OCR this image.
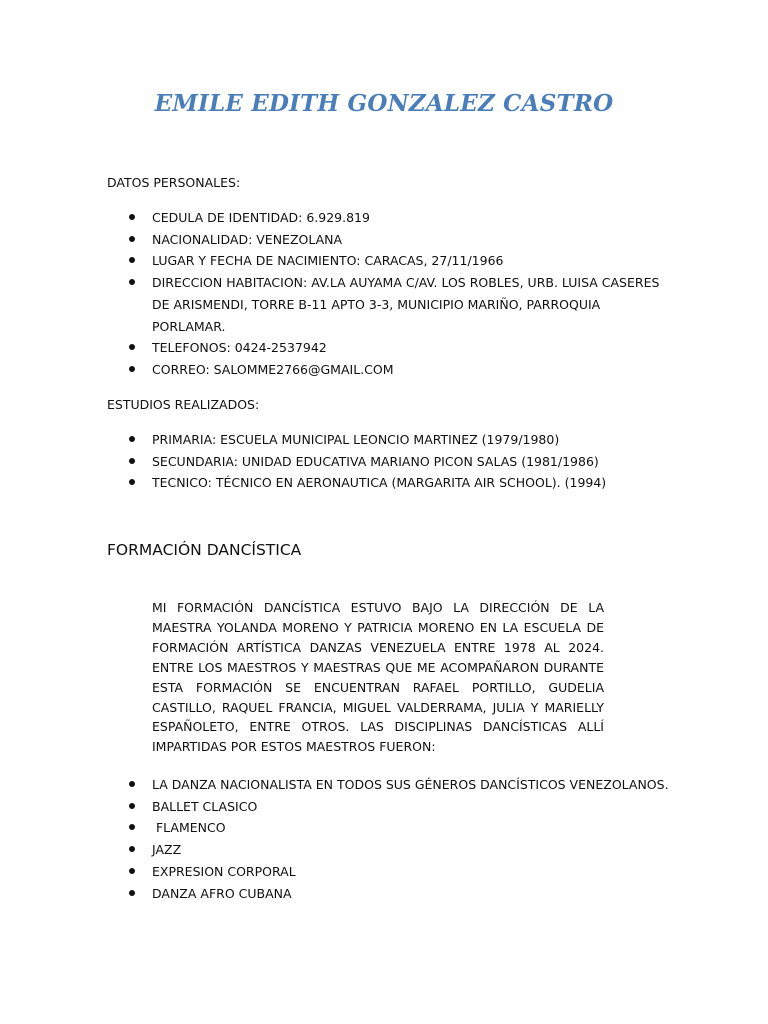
EMILE EDITH GONZALEZ CASTRO

DATOS PERSONALES:

CEDULA DE IDENTIDAD: 6.929.819
NACIONALIDAD: VENEZOLANA
LUGAR Y FECHA DE NACIMIENTO: CARACAS, 27/11/1966
DIRECCION HABITACION: AV.LA AUYAMA C/AV. LOS ROBLES, URB. LUISA CASERES DE ARISMENDI, TORRE B-11 APTO 3-3, MUNICIPIO MARIÑO, PARROQUIA PORLAMAR.
TELEFONOS: 0424-2537942
CORREO: SALOMME2766@GMAIL.COM

ESTUDIOS REALIZADOS:

PRIMARIA: ESCUELA MUNICIPAL LEONCIO MARTINEZ (1979/1980)
SECUNDARIA: UNIDAD EDUCATIVA MARIANO PICON SALAS (1981/1986)
TECNICO: TÉCNICO EN AERONAUTICA (MARGARITA AIR SCHOOL). (1994)
FORMACIÓN DANCÍSTICA

MI FORMACIÓN DANCÍSTICA ESTUVO BAJO LA DIRECCIÓN DE LA MAESTRA YOLANDA MORENO Y PATRICIA MORENO EN LA ESCUELA DE FORMACIÓN ARTÍSTICA DANZAS VENEZUELA ENTRE 1978 AL 2024. ENTRE LOS MAESTROS Y MAESTRAS QUE ME ACOMPAÑARON DURANTE ESTA FORMACIÓN SE ENCUENTRAN RAFAEL PORTILLO, GUDELIA CASTILLO, RAQUEL FRANCIA, MIGUEL VALDERRAMA, JULIA Y MARIELLY ESPAÑOLETO, ENTRE OTROS. LAS DISCIPLINAS DANCÍSTICAS ALLÍ IMPARTIDAS POR ESTOS MAESTROS FUERON:

LA DANZA NACIONALISTA EN TODOS SUS GÉNEROS DANCÍSTICOS VENEZOLANOS.
BALLET CLASICO
FLAMENCO
JAZZ
EXPRESION CORPORAL
DANZA AFRO CUBANA
